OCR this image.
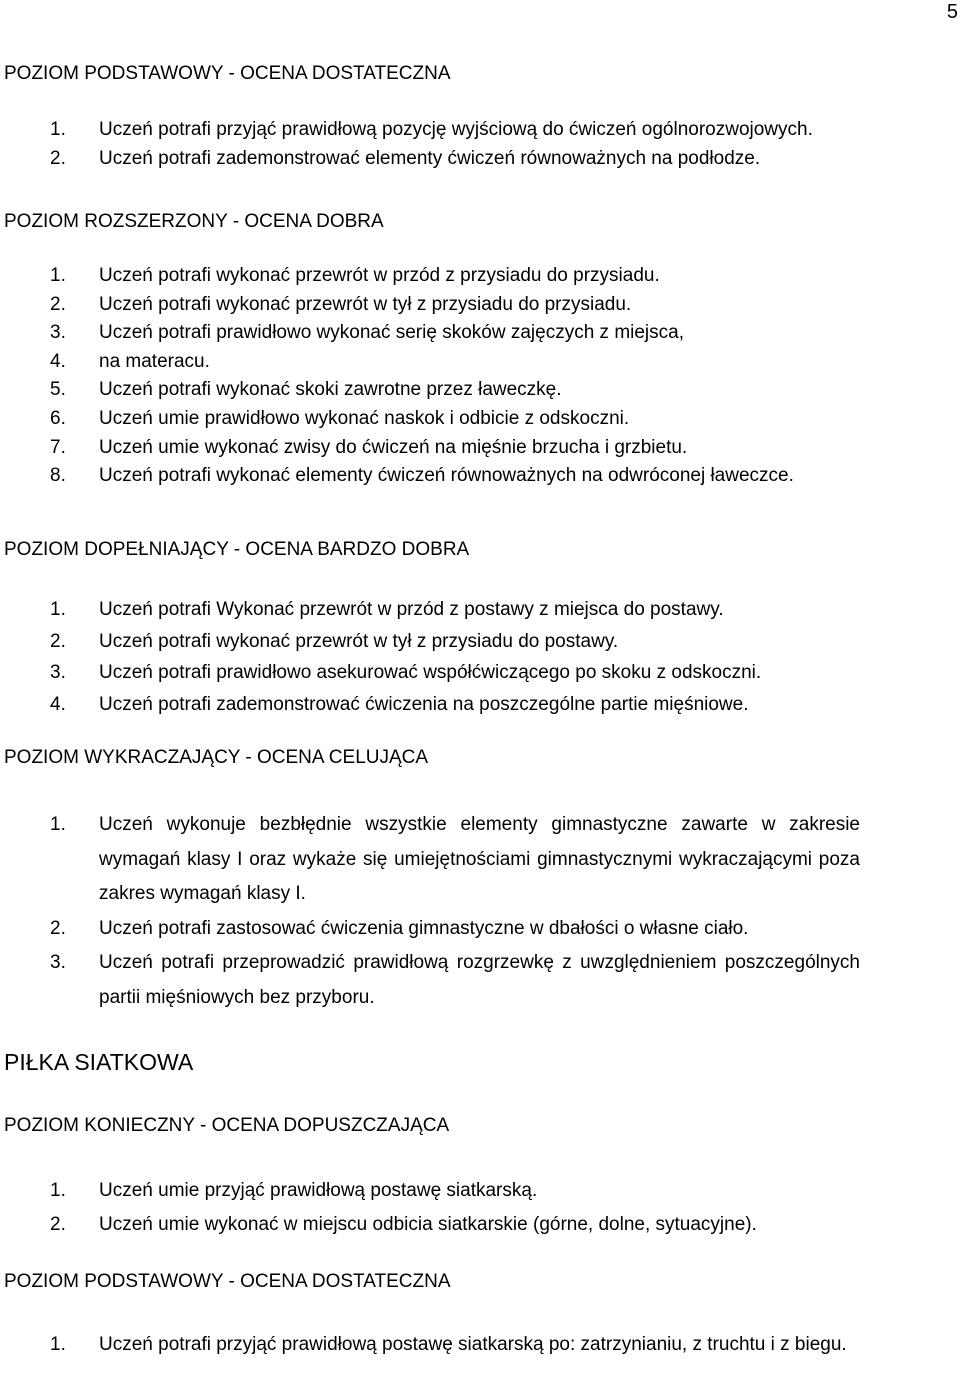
5
POZIOM PODSTAWOWY - OCENA DOSTATECZNA
1. Uczeń potrafi przyjąć prawidłową pozycję wyjściową do ćwiczeń ogólnorozwojowych.
2. Uczeń potrafi zademonstrować elementy ćwiczeń równoważnych na podłodze.
POZIOM ROZSZERZONY - OCENA DOBRA
1. Uczeń potrafi wykonać przewrót w przód z przysiadu do przysiadu.
2. Uczeń potrafi wykonać przewrót w tył z przysiadu do przysiadu.
3. Uczeń potrafi prawidłowo wykonać serię skoków zajęczych z miejsca,
4. na materacu.
5. Uczeń potrafi wykonać skoki zawrotne przez ławeczkę.
6. Uczeń umie prawidłowo wykonać naskok i odbicie z odskoczni.
7. Uczeń umie wykonać zwisy do ćwiczeń na mięśnie brzucha i grzbietu.
8. Uczeń potrafi wykonać elementy ćwiczeń równoważnych na odwróconej ławeczce.
POZIOM DOPEŁNIAJĄCY - OCENA BARDZO DOBRA
1. Uczeń potrafi Wykonać przewrót w przód z postawy z miejsca do postawy.
2. Uczeń potrafi wykonać przewrót w tył z przysiadu do postawy.
3. Uczeń potrafi prawidłowo asekurować współćwiczącego po skoku z odskoczni.
4. Uczeń potrafi zademonstrować ćwiczenia na poszczególne partie mięśniowe.
POZIOM WYKRACZAJĄCY - OCENA CELUJĄCA
1. Uczeń wykonuje bezbłędnie wszystkie elementy gimnastyczne zawarte w zakresie wymagań klasy I oraz wykaże się umiejętnościami gimnastycznymi wykraczającymi poza zakres wymagań klasy I.
2. Uczeń potrafi zastosować ćwiczenia gimnastyczne w dbałości o własne ciało.
3. Uczeń potrafi przeprowadzić prawidłową rozgrzewkę z uwzględnieniem poszczególnych partii mięśniowych bez przyboru.
PIŁKA SIATKOWA
POZIOM KONIECZNY - OCENA DOPUSZCZAJĄCA
1. Uczeń umie przyjąć prawidłową postawę siatkarską.
2. Uczeń umie wykonać w miejscu odbicia siatkarskie (górne, dolne, sytuacyjne).
POZIOM PODSTAWOWY - OCENA DOSTATECZNA
1. Uczeń potrafi przyjąć prawidłową postawę siatkarską po: zatrzynianiu, z truchtu i z biegu.
